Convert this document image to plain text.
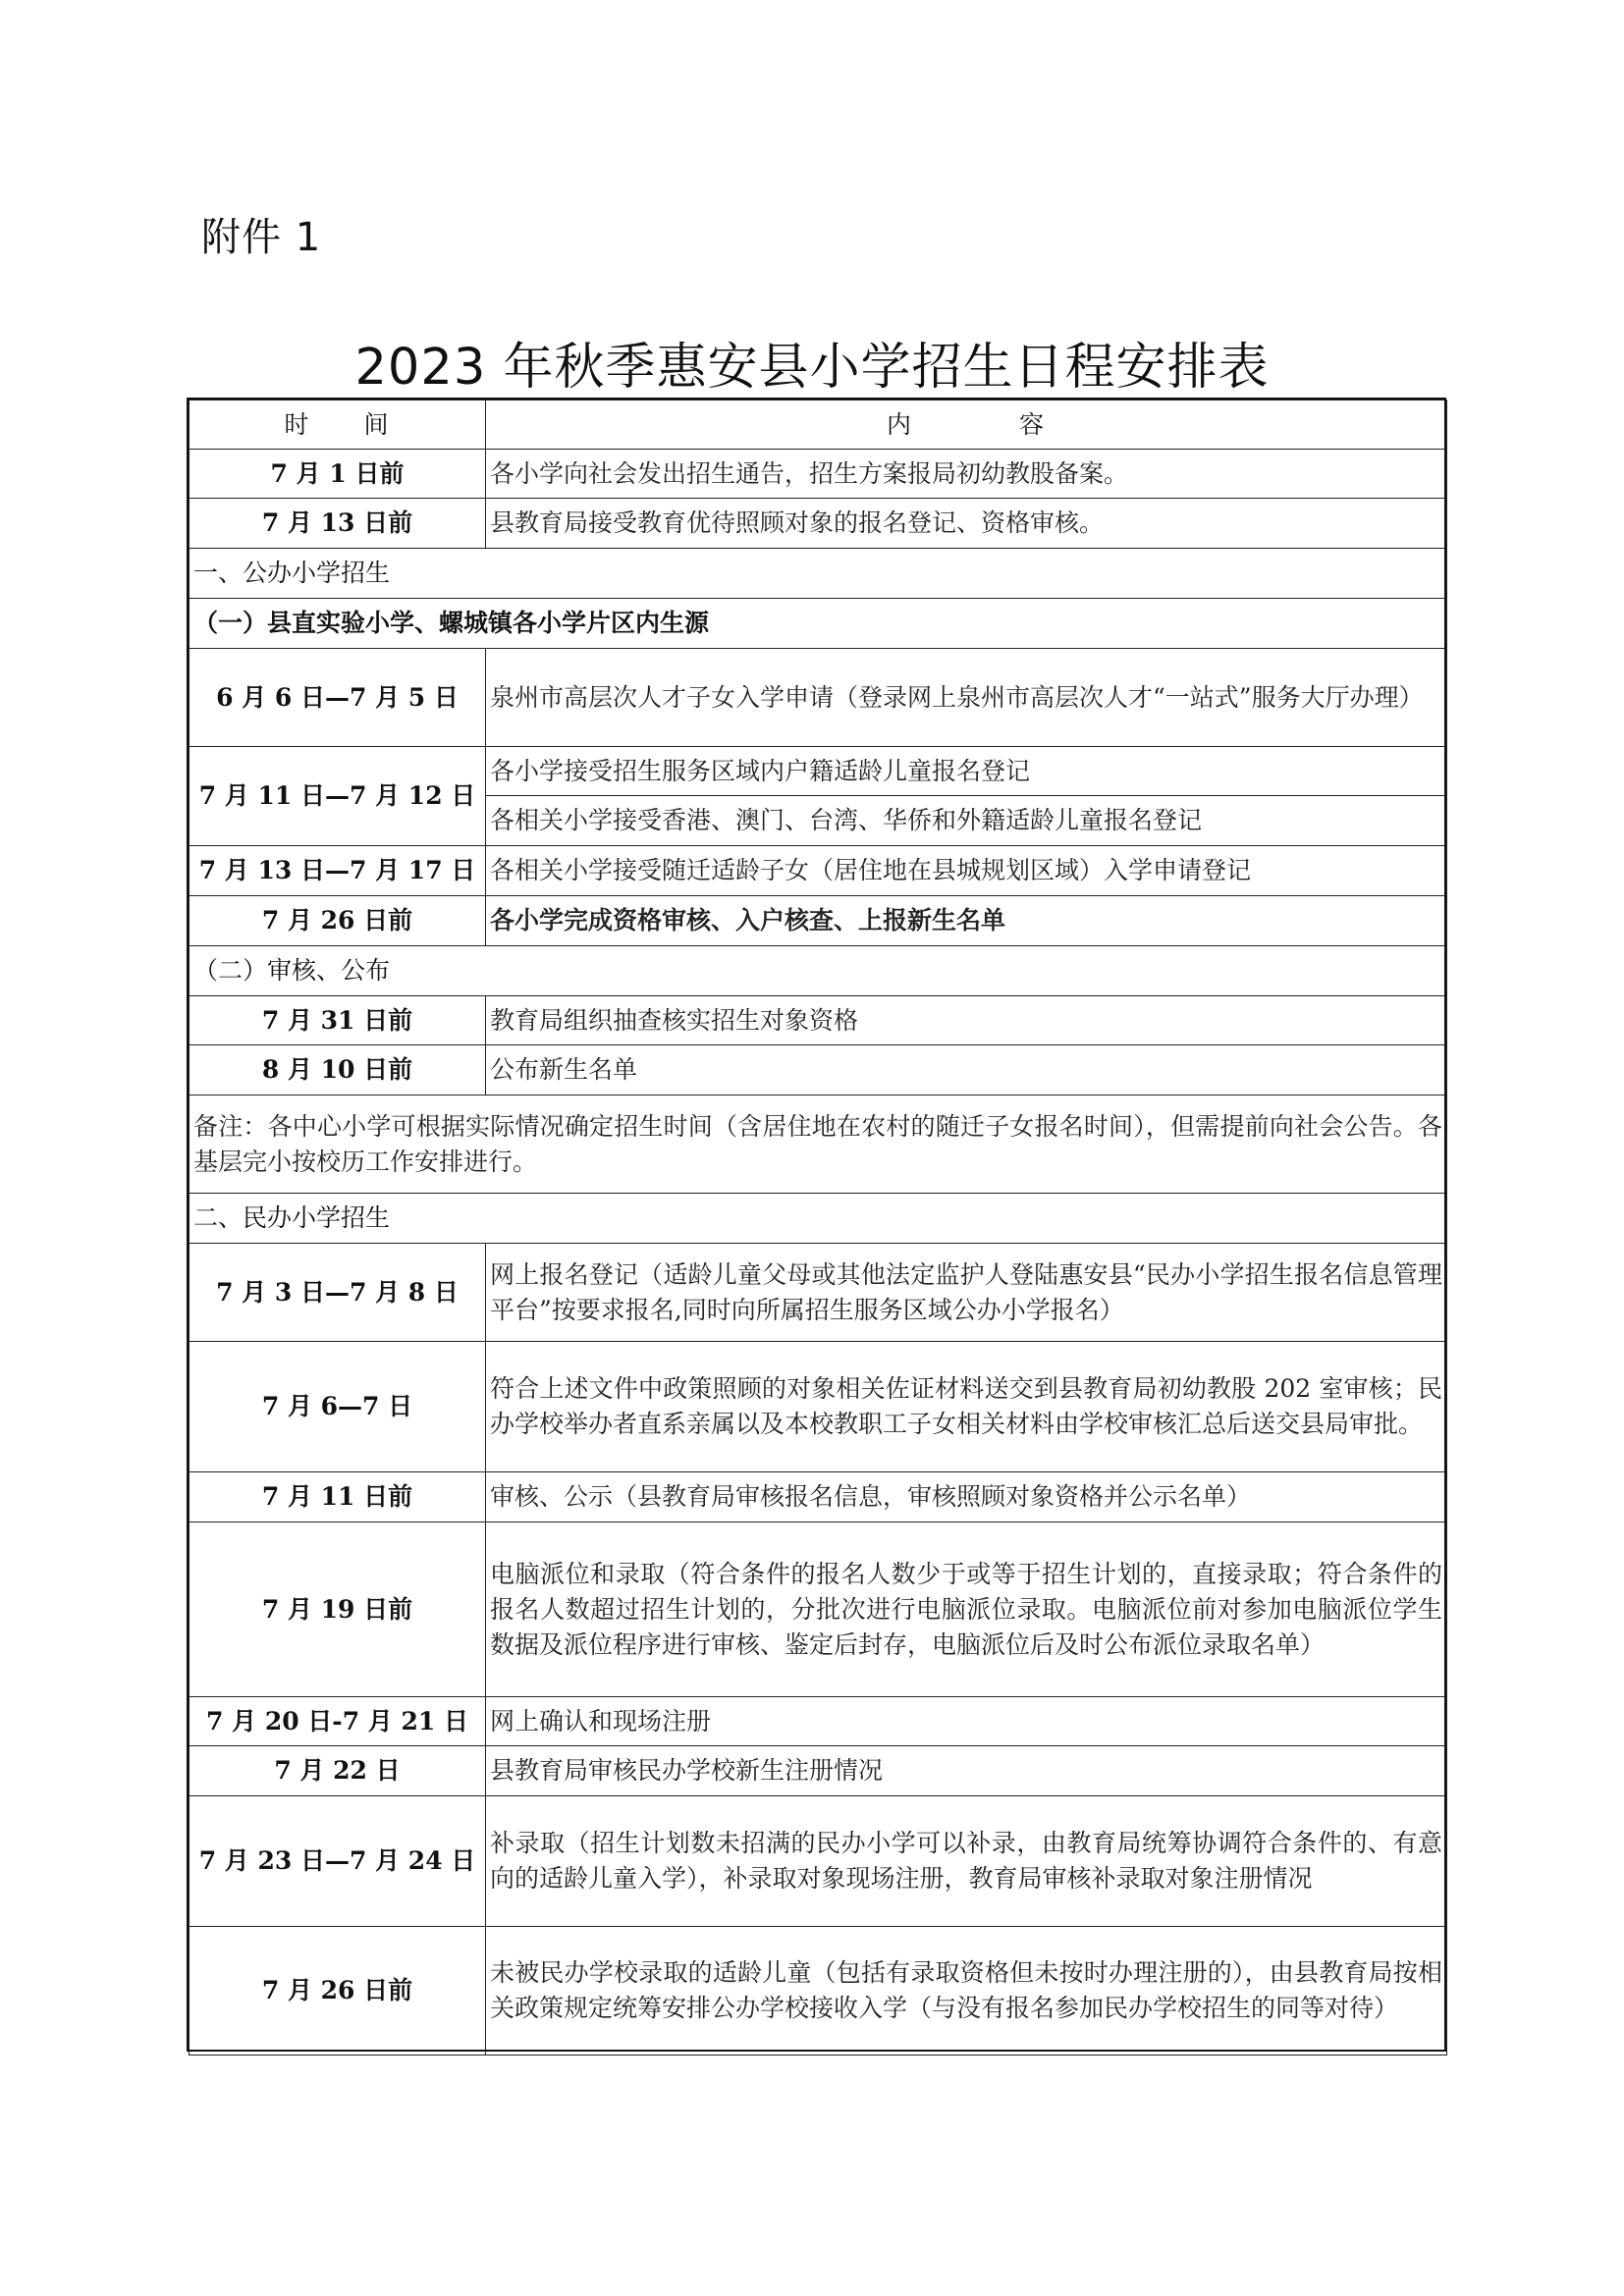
附件 1
2023 年秋季惠安县小学招生日程安排表
时　　间	内　　　　容
7 月 1 日前	各小学向社会发出招生通告，招生方案报局初幼教股备案。
7 月 13 日前	县教育局接受教育优待照顾对象的报名登记、资格审核。
一、公办小学招生	
（一）县直实验小学、螺城镇各小学片区内生源	
6 月 6 日—7 月 5 日	泉州市高层次人才子女入学申请（登录网上泉州市高层次人才“一站式”服务大厅办理）
7 月 11 日—7 月 12 日	各小学接受招生服务区域内户籍适龄儿童报名登记
	各相关小学接受香港、澳门、台湾、华侨和外籍适龄儿童报名登记
7 月 13 日—7 月 17 日	各相关小学接受随迁适龄子女（居住地在县城规划区域）入学申请登记
7 月 26 日前	各小学完成资格审核、入户核查、上报新生名单
（二）审核、公布	
7 月 31 日前	教育局组织抽查核实招生对象资格
8 月 10 日前	公布新生名单
备注：各中心小学可根据实际情况确定招生时间（含居住地在农村的随迁子女报名时间），但需提前向社会公告。各基层完小按校历工作安排进行。	
二、民办小学招生	
7 月 3 日—7 月 8 日	网上报名登记（适龄儿童父母或其他法定监护人登陆惠安县“民办小学招生报名信息管理平台”按要求报名,同时向所属招生服务区域公办小学报名）
7 月 6—7 日	符合上述文件中政策照顾的对象相关佐证材料送交到县教育局初幼教股 202 室审核；民办学校举办者直系亲属以及本校教职工子女相关材料由学校审核汇总后送交县局审批。
7 月 11 日前	审核、公示（县教育局审核报名信息，审核照顾对象资格并公示名单）
7 月 19 日前	电脑派位和录取（符合条件的报名人数少于或等于招生计划的，直接录取；符合条件的报名人数超过招生计划的，分批次进行电脑派位录取。电脑派位前对参加电脑派位学生数据及派位程序进行审核、鉴定后封存，电脑派位后及时公布派位录取名单）
7 月 20 日-7 月 21 日	网上确认和现场注册
7 月 22 日	县教育局审核民办学校新生注册情况
7 月 23 日—7 月 24 日	补录取（招生计划数未招满的民办小学可以补录，由教育局统筹协调符合条件的、有意向的适龄儿童入学），补录取对象现场注册，教育局审核补录取对象注册情况
7 月 26 日前	未被民办学校录取的适龄儿童（包括有录取资格但未按时办理注册的），由县教育局按相关政策规定统筹安排公办学校接收入学（与没有报名参加民办学校招生的同等对待）
